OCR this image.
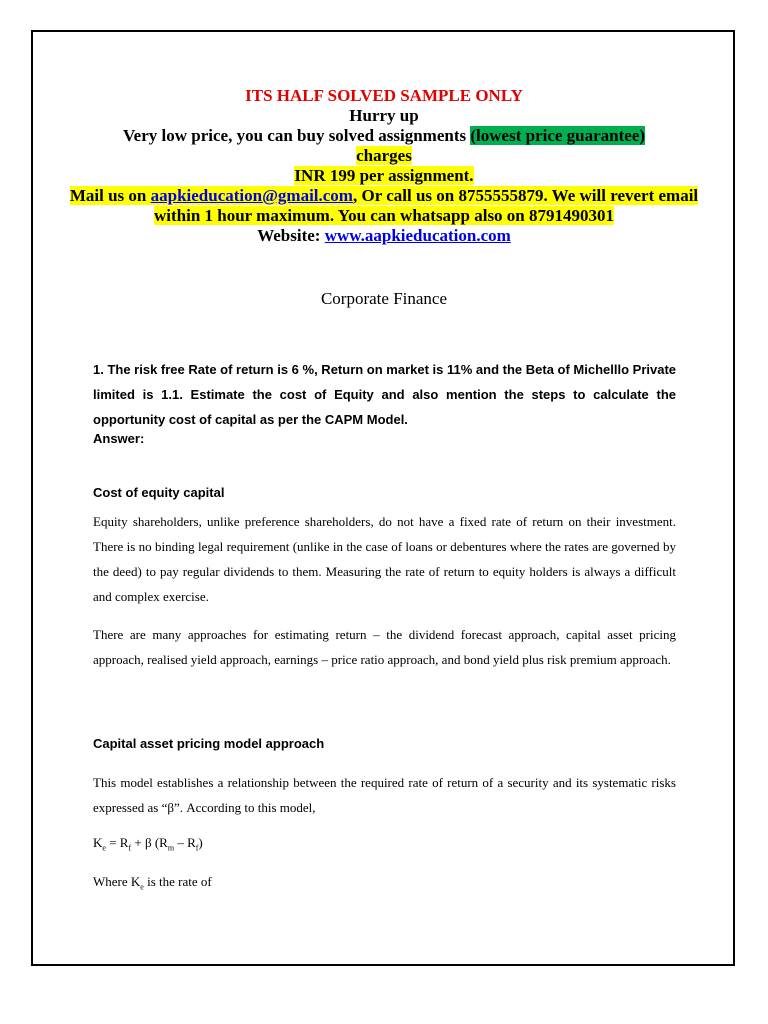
ITS HALF SOLVED SAMPLE ONLY
Hurry up
Very low price, you can buy solved assignments (lowest price guarantee)
charges
INR 199 per assignment.
Mail us on aapkieducation@gmail.com, Or call us on 8755555879. We will revert email within 1 hour maximum. You can whatsapp also on 8791490301
Website: www.aapkieducation.com
Corporate Finance
1. The risk free Rate of return is 6 %, Return on market is 11% and the Beta of Michelllo Private limited is 1.1. Estimate the cost of Equity and also mention the steps to calculate the opportunity cost of capital as per the CAPM Model.
Answer:
Cost of equity capital
Equity shareholders, unlike preference shareholders, do not have a fixed rate of return on their investment. There is no binding legal requirement (unlike in the case of loans or debentures where the rates are governed by the deed) to pay regular dividends to them. Measuring the rate of return to equity holders is always a difficult and complex exercise.
There are many approaches for estimating return – the dividend forecast approach, capital asset pricing approach, realised yield approach, earnings – price ratio approach, and bond yield plus risk premium approach.
Capital asset pricing model approach
This model establishes a relationship between the required rate of return of a security and its systematic risks expressed as “β”. According to this model,
$K_e = R_f + \beta$ $(R_m - R_f)$
Where $K_e$ is the rate of
